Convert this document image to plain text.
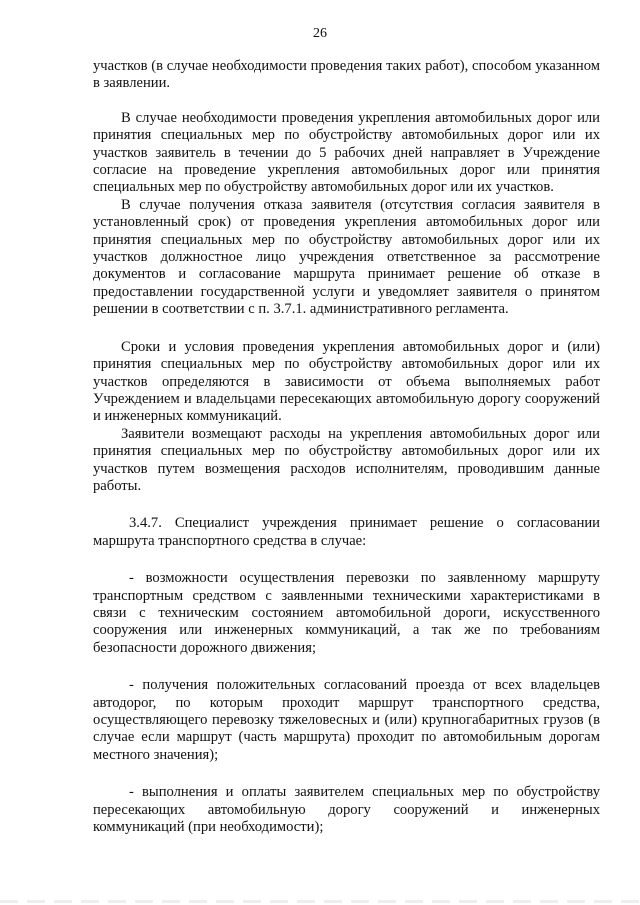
26

участков (в случае необходимости проведения таких работ), способом указанном в заявлении.

В случае необходимости проведения укрепления автомобильных дорог или принятия специальных мер по обустройству автомобильных дорог или их участков заявитель в течении до 5 рабочих дней направляет в Учреждение согласие на проведение укрепления автомобильных дорог или принятия специальных мер по обустройству автомобильных дорог или их участков.

В случае получения отказа заявителя (отсутствия согласия заявителя в установленный срок) от проведения укрепления автомобильных дорог или принятия специальных мер по обустройству автомобильных дорог или их участков должностное лицо учреждения ответственное за рассмотрение документов и согласование маршрута принимает решение об отказе в предоставлении государственной услуги и уведомляет заявителя о принятом решении в соответствии с п. 3.7.1. административного регламента.

Сроки и условия проведения укрепления автомобильных дорог и (или) принятия специальных мер по обустройству автомобильных дорог или их участков определяются в зависимости от объема выполняемых работ Учреждением и владельцами пересекающих автомобильную дорогу сооружений и инженерных коммуникаций.

Заявители возмещают расходы на укрепления автомобильных дорог или принятия специальных мер по обустройству автомобильных дорог или их участков путем возмещения расходов исполнителям, проводившим данные работы.

3.4.7. Специалист учреждения принимает решение о согласовании маршрута транспортного средства в случае:

- возможности осуществления перевозки по заявленному маршруту транспортным средством с заявленными техническими характеристиками в связи с техническим состоянием автомобильной дороги, искусственного сооружения или инженерных коммуникаций, а так же по требованиям безопасности дорожного движения;

- получения положительных согласований проезда от всех владельцев автодорог, по которым проходит маршрут транспортного средства, осуществляющего перевозку тяжеловесных и (или) крупногабаритных грузов (в случае если маршрут (часть маршрута) проходит по автомобильным дорогам местного значения);

- выполнения и оплаты заявителем специальных мер по обустройству пересекающих автомобильную дорогу сооружений и инженерных коммуникаций (при необходимости);
